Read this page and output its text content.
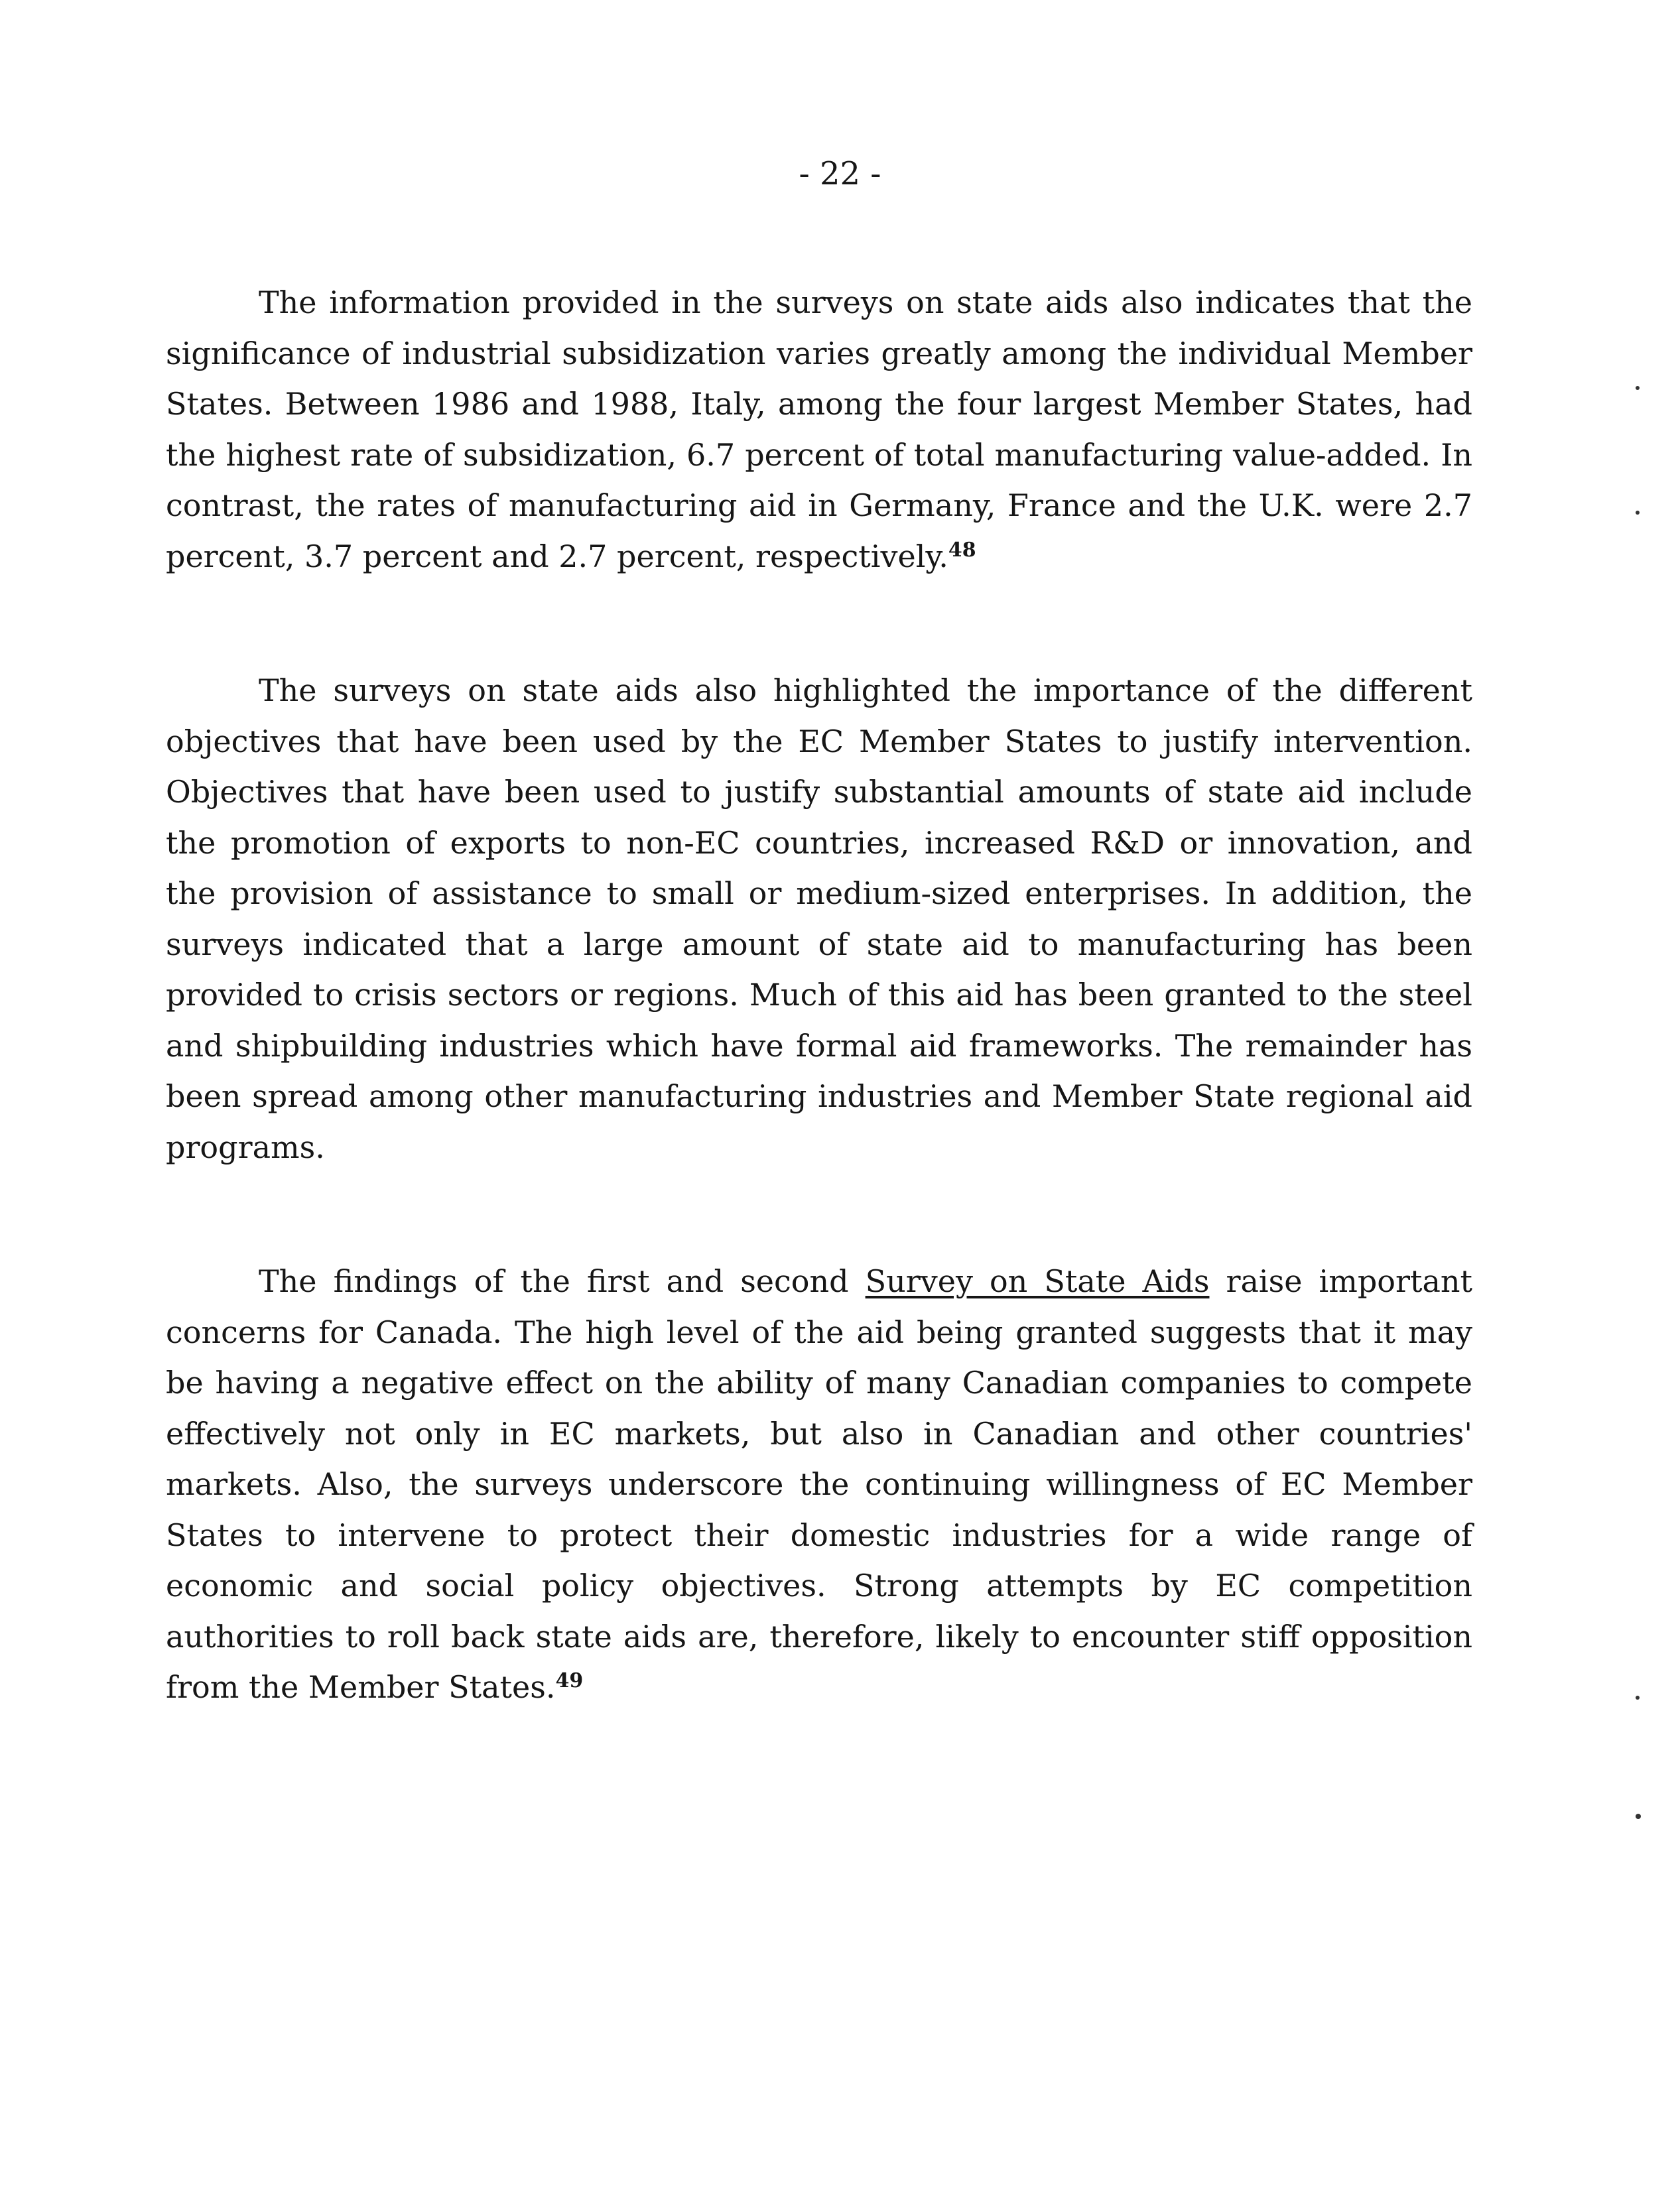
- 22 -

The information provided in the surveys on state aids also indicates that the significance of industrial subsidization varies greatly among the individual Member States. Between 1986 and 1988, Italy, among the four largest Member States, had the highest rate of subsidization, 6.7 percent of total manufacturing value-added. In contrast, the rates of manufacturing aid in Germany, France and the U.K. were 2.7 percent, 3.7 percent and 2.7 percent, respectively.$^{48}$

The surveys on state aids also highlighted the importance of the different objectives that have been used by the EC Member States to justify intervention. Objectives that have been used to justify substantial amounts of state aid include the promotion of exports to non-EC countries, increased R&D or innovation, and the provision of assistance to small or medium-sized enterprises. In addition, the surveys indicated that a large amount of state aid to manufacturing has been provided to crisis sectors or regions. Much of this aid has been granted to the steel and shipbuilding industries which have formal aid frameworks. The remainder has been spread among other manufacturing industries and Member State regional aid programs.

The findings of the first and second Survey on State Aids raise important concerns for Canada. The high level of the aid being granted suggests that it may be having a negative effect on the ability of many Canadian companies to compete effectively not only in EC markets, but also in Canadian and other countries' markets. Also, the surveys underscore the continuing willingness of EC Member States to intervene to protect their domestic industries for a wide range of economic and social policy objectives. Strong attempts by EC competition authorities to roll back state aids are, therefore, likely to encounter stiff opposition from the Member States.$^{49}$
